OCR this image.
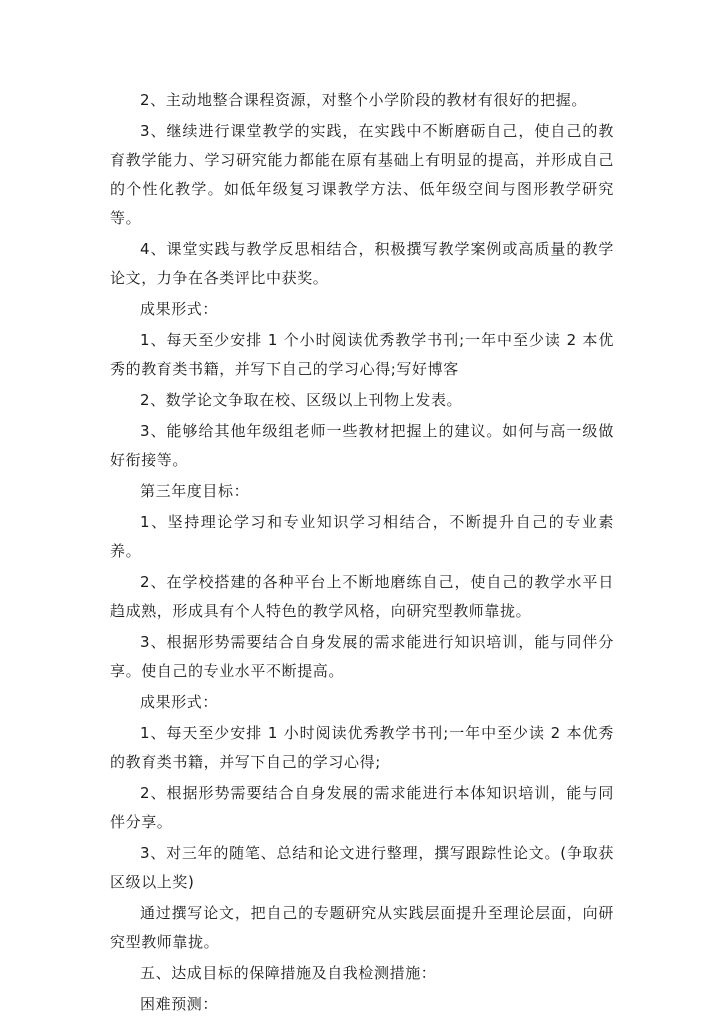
2、主动地整合课程资源，对整个小学阶段的教材有很好的把握。

3、继续进行课堂教学的实践，在实践中不断磨砺自己，使自己的教育教学能力、学习研究能力都能在原有基础上有明显的提高，并形成自己的个性化教学。如低年级复习课教学方法、低年级空间与图形教学研究等。

4、课堂实践与教学反思相结合，积极撰写教学案例或高质量的教学论文，力争在各类评比中获奖。

成果形式：

1、每天至少安排 1 个小时阅读优秀教学书刊;一年中至少读 2 本优秀的教育类书籍，并写下自己的学习心得;写好博客

2、数学论文争取在校、区级以上刊物上发表。

3、能够给其他年级组老师一些教材把握上的建议。如何与高一级做好衔接等。

第三年度目标：

1、坚持理论学习和专业知识学习相结合，不断提升自己的专业素养。

2、在学校搭建的各种平台上不断地磨练自己，使自己的教学水平日趋成熟，形成具有个人特色的教学风格，向研究型教师靠拢。

3、根据形势需要结合自身发展的需求能进行知识培训，能与同伴分享。使自己的专业水平不断提高。

成果形式：

1、每天至少安排 1 小时阅读优秀教学书刊;一年中至少读 2 本优秀的教育类书籍，并写下自己的学习心得;

2、根据形势需要结合自身发展的需求能进行本体知识培训，能与同伴分享。

3、对三年的随笔、总结和论文进行整理，撰写跟踪性论文。(争取获区级以上奖)

通过撰写论文，把自己的专题研究从实践层面提升至理论层面，向研究型教师靠拢。

五、达成目标的保障措施及自我检测措施：

困难预测：
